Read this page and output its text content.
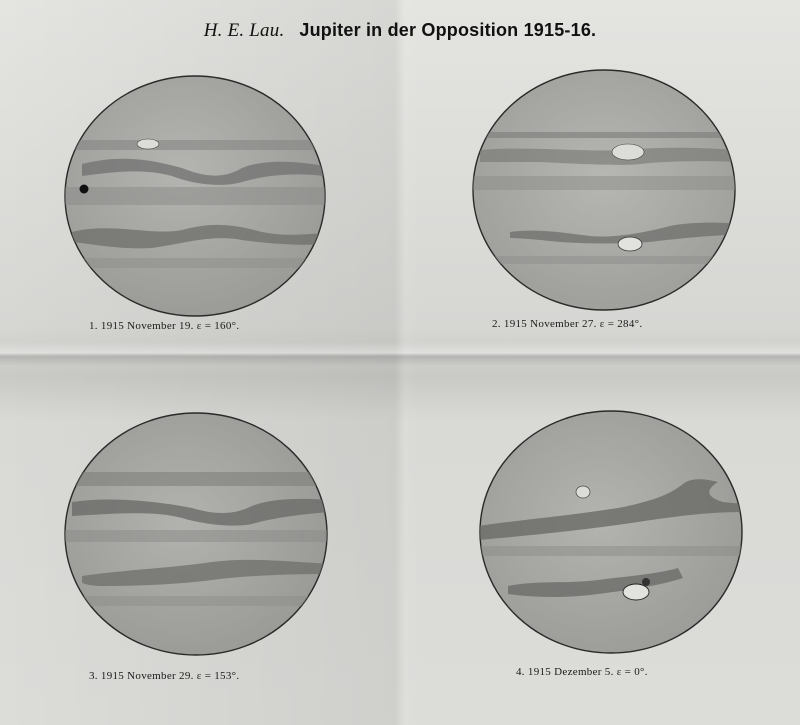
H. E. Lau. Jupiter in der Opposition 1915-16.
1. 1915 November 19. ε = 160°.	2. 1915 November 27. ε = 284°.
3. 1915 November 29. ε = 153°.	4. 1915 Dezember 5. ε = 0°.
